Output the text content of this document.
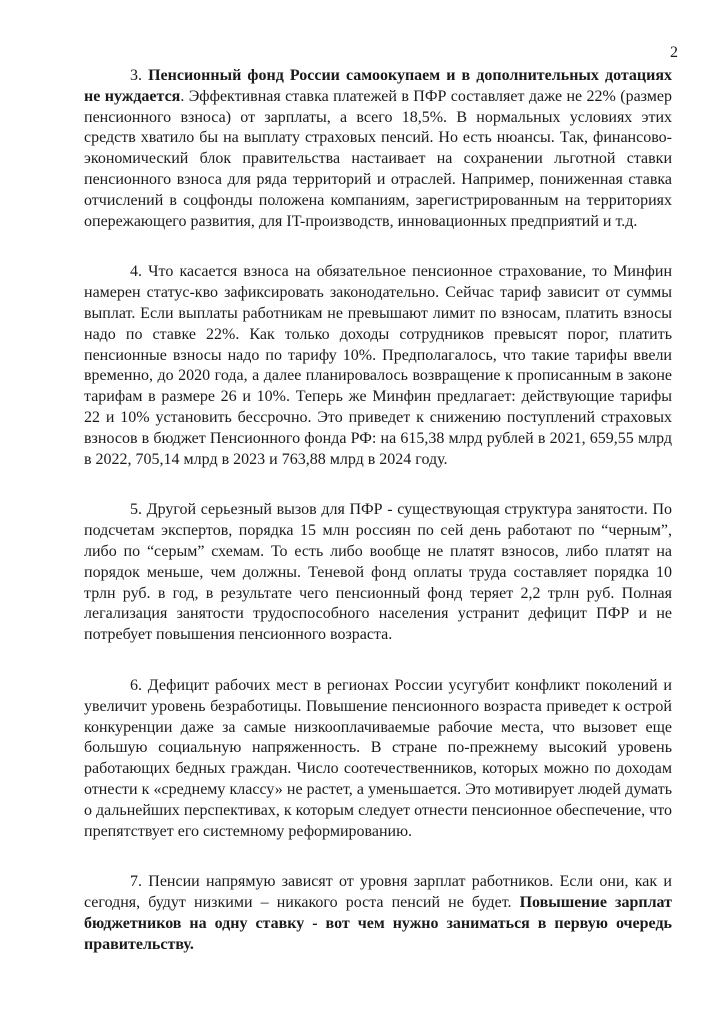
2

3. Пенсионный фонд России самоокупаем и в дополнительных дотациях не нуждается. Эффективная ставка платежей в ПФР составляет даже не 22% (размер пенсионного взноса) от зарплаты, а всего 18,5%. В нормальных условиях этих средств хватило бы на выплату страховых пенсий. Но есть нюансы. Так, финансово-экономический блок правительства настаивает на сохранении льготной ставки пенсионного взноса для ряда территорий и отраслей. Например, пониженная ставка отчислений в соцфонды положена компаниям, зарегистрированным на территориях опережающего развития, для IT-производств, инновационных предприятий и т.д.

4. Что касается взноса на обязательное пенсионное страхование, то Минфин намерен статус-кво зафиксировать законодательно. Сейчас тариф зависит от суммы выплат. Если выплаты работникам не превышают лимит по взносам, платить взносы надо по ставке 22%. Как только доходы сотрудников превысят порог, платить пенсионные взносы надо по тарифу 10%. Предполагалось, что такие тарифы ввели временно, до 2020 года, а далее планировалось возвращение к прописанным в законе тарифам в размере 26 и 10%. Теперь же Минфин предлагает: действующие тарифы 22 и 10% установить бессрочно. Это приведет к снижению поступлений страховых взносов в бюджет Пенсионного фонда РФ: на 615,38 млрд рублей в 2021, 659,55 млрд в 2022, 705,14 млрд в 2023 и 763,88 млрд в 2024 году.

5. Другой серьезный вызов для ПФР - существующая структура занятости. По подсчетам экспертов, порядка 15 млн россиян по сей день работают по “черным”, либо по “серым” схемам. То есть либо вообще не платят взносов, либо платят на порядок меньше, чем должны. Теневой фонд оплаты труда составляет порядка 10 трлн руб. в год, в результате чего пенсионный фонд теряет 2,2 трлн руб. Полная легализация занятости трудоспособного населения устранит дефицит ПФР и не потребует повышения пенсионного возраста.

6. Дефицит рабочих мест в регионах России усугубит конфликт поколений и увеличит уровень безработицы. Повышение пенсионного возраста приведет к острой конкуренции даже за самые низкооплачиваемые рабочие места, что вызовет еще большую социальную напряженность. В стране по-прежнему высокий уровень работающих бедных граждан. Число соотечественников, которых можно по доходам отнести к «среднему классу» не растет, а уменьшается. Это мотивирует людей думать о дальнейших перспективах, к которым следует отнести пенсионное обеспечение, что препятствует его системному реформированию.

7. Пенсии напрямую зависят от уровня зарплат работников. Если они, как и сегодня, будут низкими – никакого роста пенсий не будет. Повышение зарплат бюджетников на одну ставку - вот чем нужно заниматься в первую очередь правительству.
